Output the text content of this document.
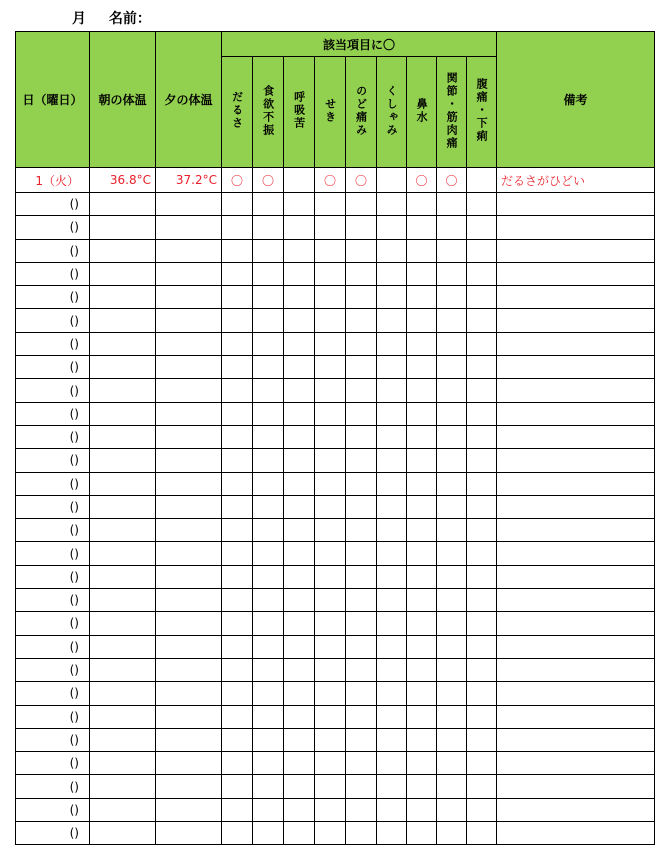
月 名前：
日（曜日）	朝の体温	夕の体温	該当項目に〇									備考
			だるさ	食欲不振	呼吸苦	せき	のど痛み	くしゃみ	鼻水	関節・筋肉痛	腹痛・下痢	
1（火）	36.8°C	37.2°C	〇	〇		〇	〇		〇	〇		だるさがひどい
()												
()												
()												
()												
()												
()												
()												
()												
()												
()												
()												
()												
()												
()												
()												
()												
()												
()												
()												
()												
()												
()												
()												
()												
()												
()												
()												
()												
